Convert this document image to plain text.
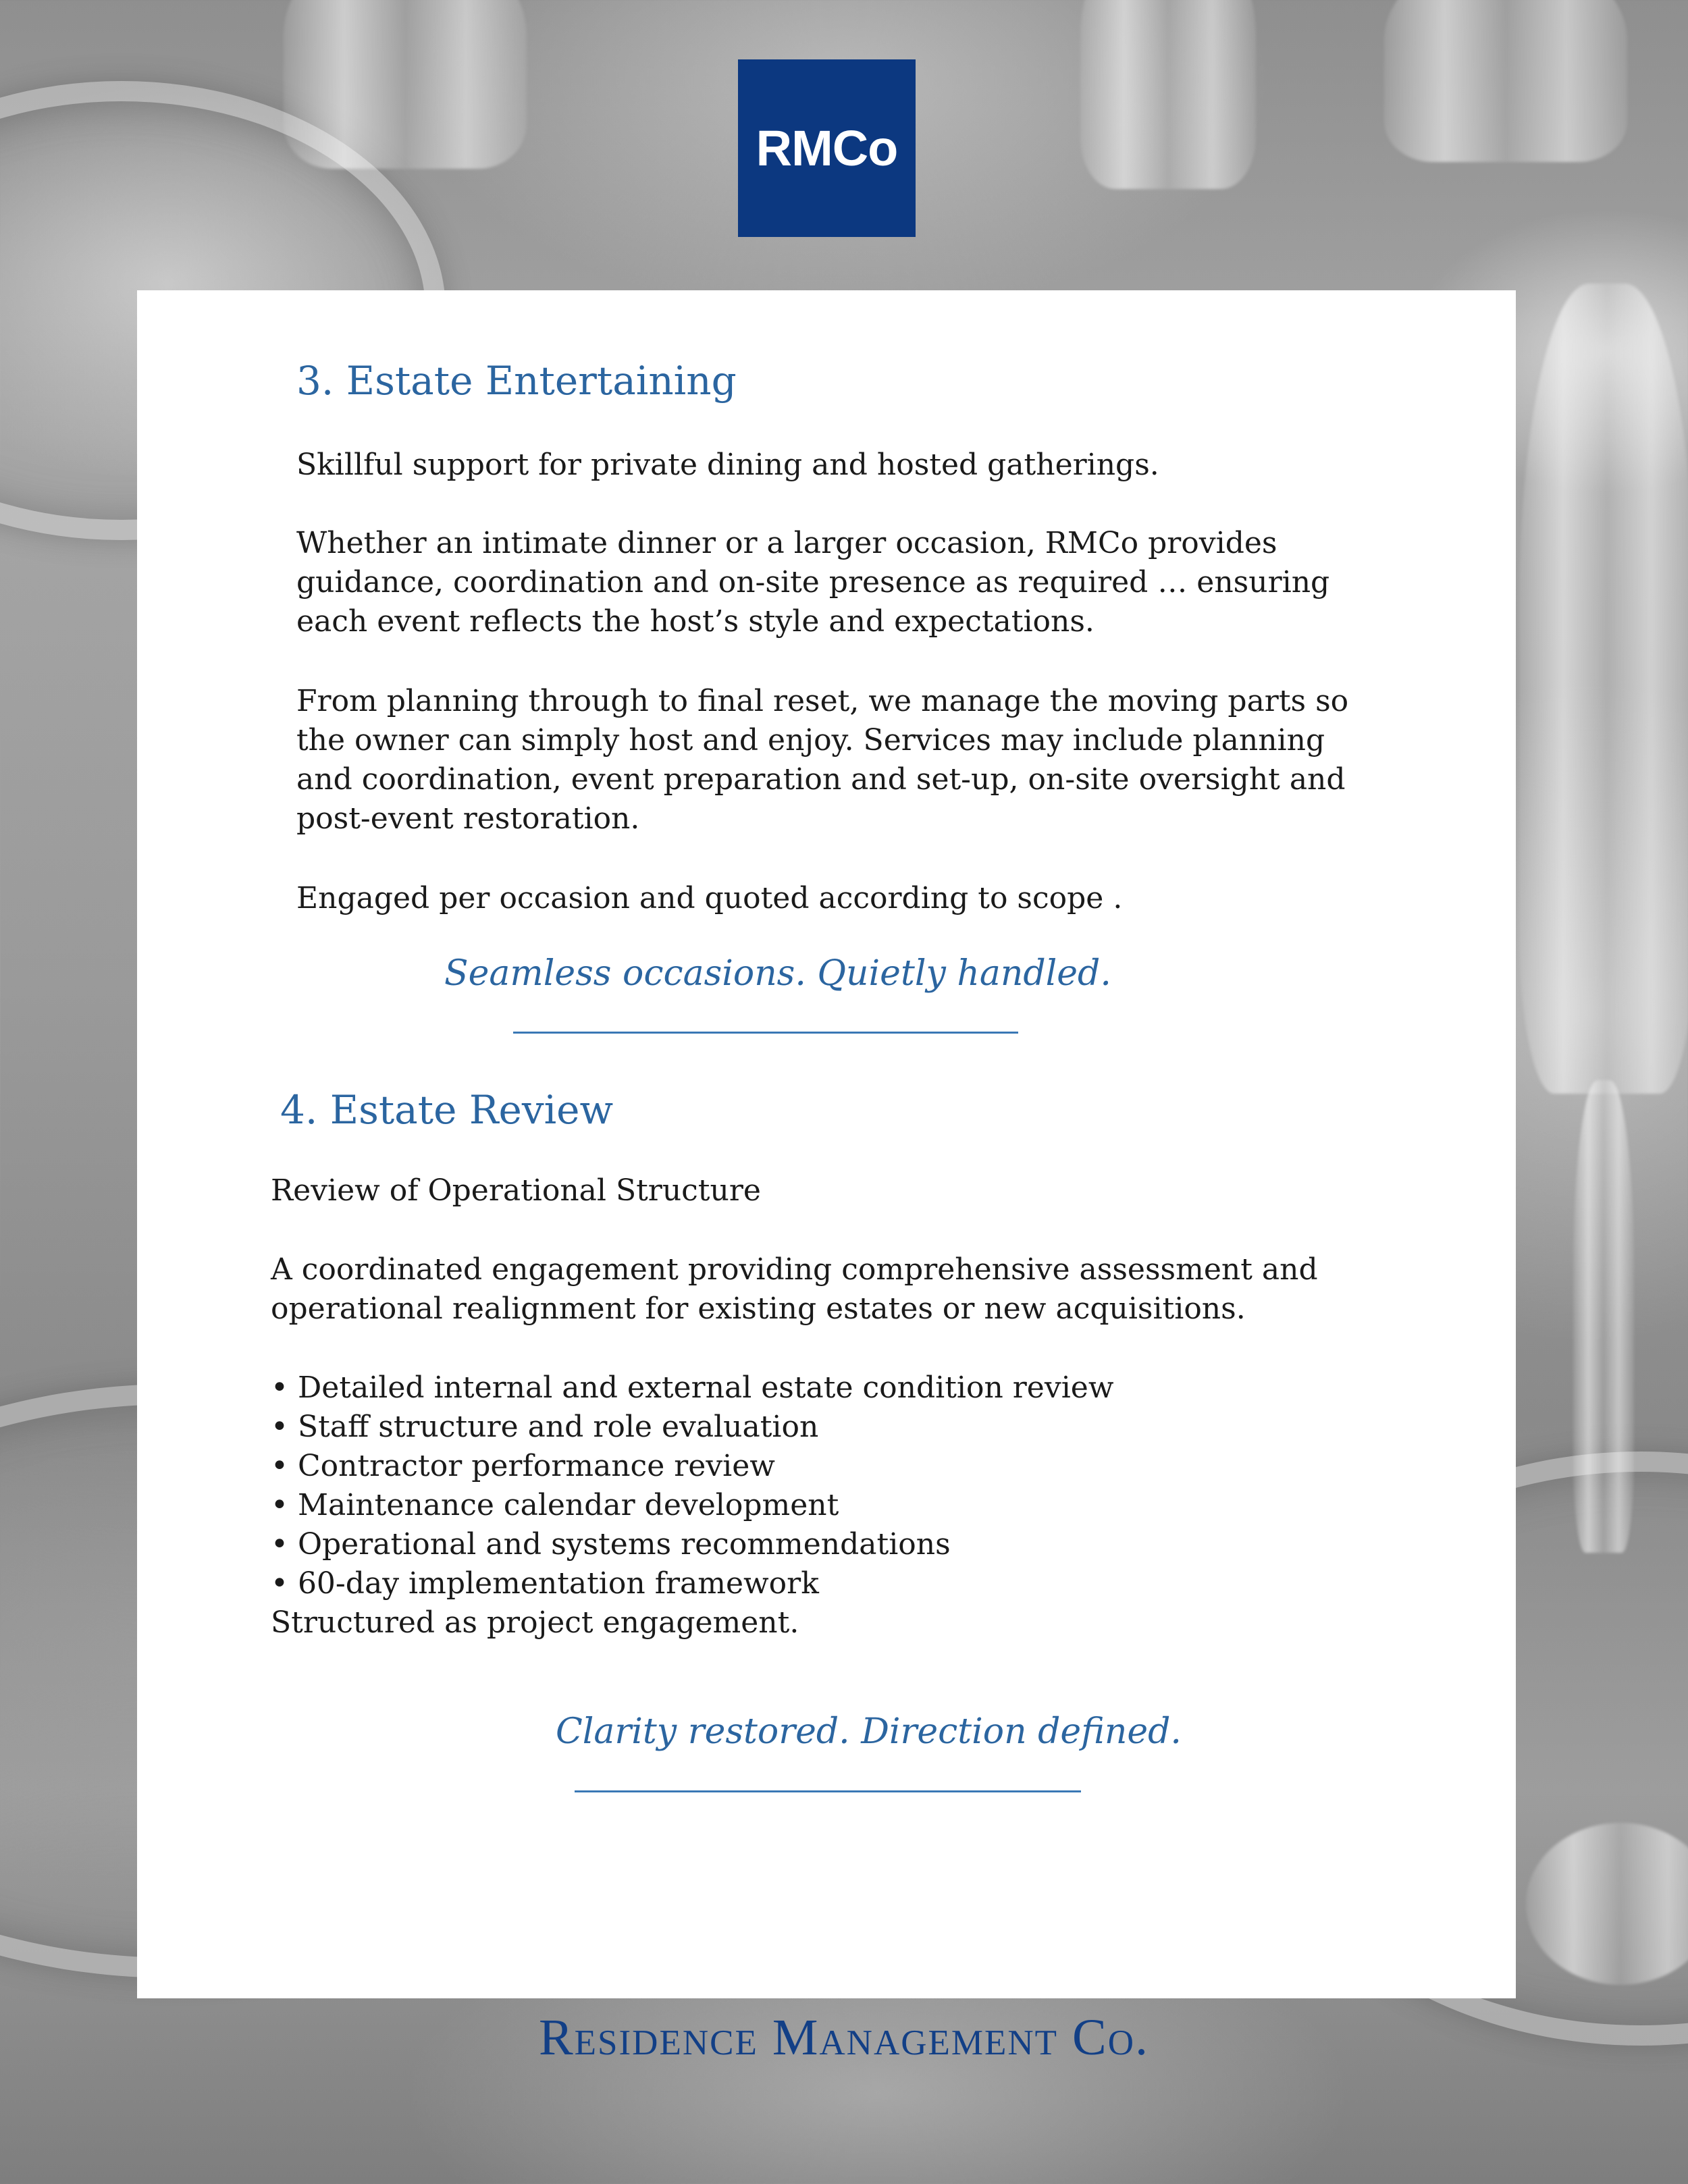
RMCo
3. Estate Entertaining

Skillful support for private dining and hosted gatherings.

Whether an intimate dinner or a larger occasion, RMCo provides

guidance, coordination and on-site presence as required … ensuring

each event reflects the host’s style and expectations.

From planning through to final reset, we manage the moving parts so

the owner can simply host and enjoy. Services may include planning

and coordination, event preparation and set-up, on-site oversight and

post-event restoration.

Engaged per occasion and quoted according to scope .

Seamless occasions. Quietly handled.

4. Estate Review

Review of Operational Structure

A coordinated engagement providing comprehensive assessment and

operational realignment for existing estates or new acquisitions.

• Detailed internal and external estate condition review
• Staff structure and role evaluation
• Contractor performance review
• Maintenance calendar development
• Operational and systems recommendations
• 60-day implementation framework

Structured as project engagement.

Clarity restored. Direction defined.

Residence Management Co.
